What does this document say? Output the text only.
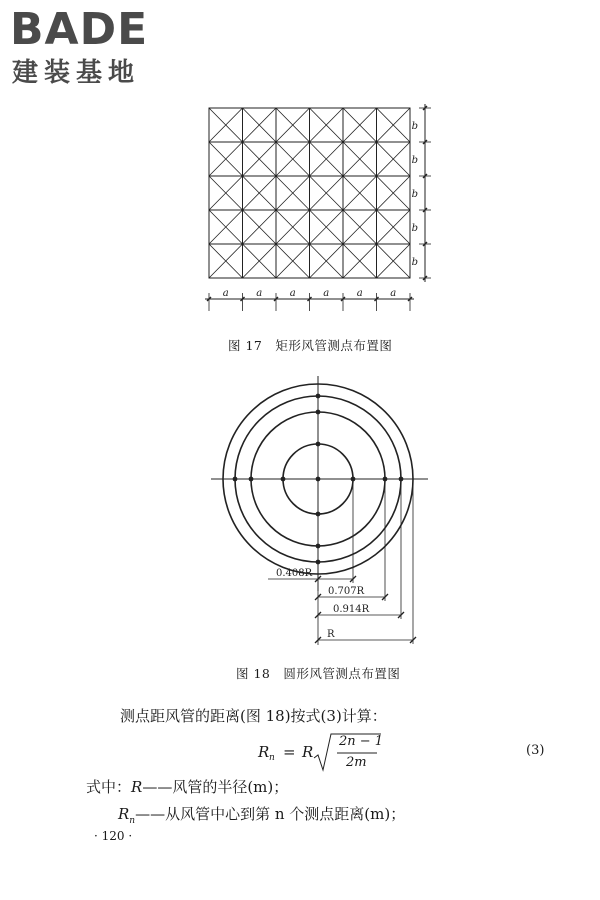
BADE
建装基地
b
b
b
b
b
a	a	a	a	a	a
图 17　矩形风管测点布置图
0.408R
0.707R
0.914R
R
图 18　圆形风管测点布置图
测点距风管的距离(图 18)按式(3)计算：
R n = R
2n − 1
2m
(3)
式中：R——风管的半径(m)；
$R_n——$从风管中心到第 n 个测点距离(m)；
· 120 ·
